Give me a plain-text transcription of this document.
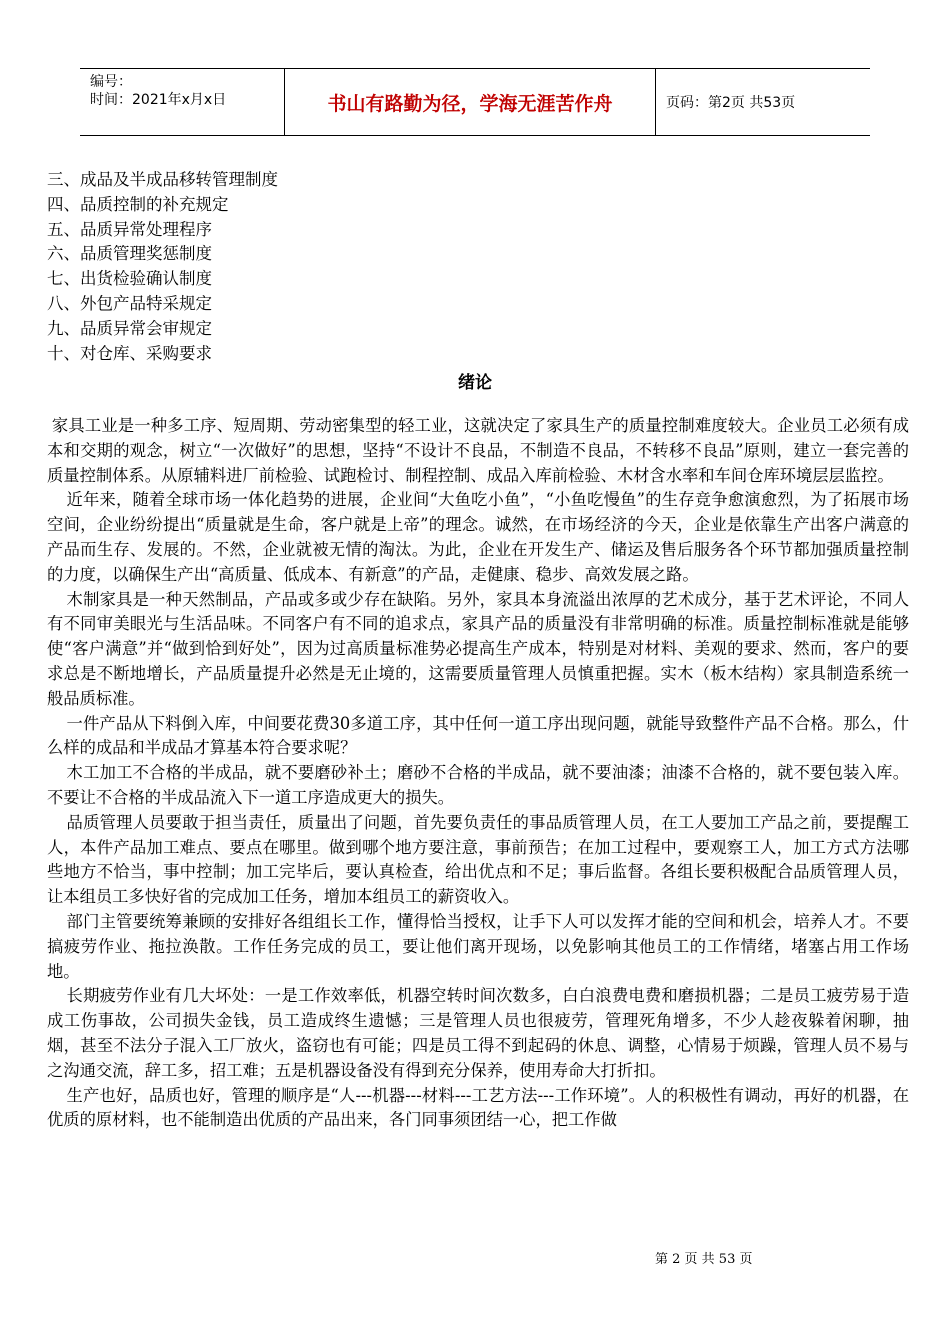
编号：
时间：2021年x月x日	书山有路勤为径，学海无涯苦作舟	页码：第2页 共53页
三、成品及半成品移转管理制度
四、品质控制的补充规定
五、品质异常处理程序
六、品质管理奖惩制度
七、出货检验确认制度
八、外包产品特采规定
九、品质异常会审规定
十、对仓库、采购要求
绪论

家具工业是一种多工序、短周期、劳动密集型的轻工业，这就决定了家具生产的质量控制难度较大。企业员工必须有成本和交期的观念，树立“一次做好”的思想，坚持“不设计不良品，不制造不良品，不转移不良品”原则，建立一套完善的质量控制体系。从原辅料进厂前检验、试跑检讨、制程控制、成品入库前检验、木材含水率和车间仓库环境层层监控。

近年来，随着全球市场一体化趋势的进展，企业间“大鱼吃小鱼”，“小鱼吃慢鱼”的生存竞争愈演愈烈，为了拓展市场空间，企业纷纷提出“质量就是生命，客户就是上帝”的理念。诚然，在市场经济的今天，企业是依靠生产出客户满意的产品而生存、发展的。不然，企业就被无情的淘汰。为此，企业在开发生产、储运及售后服务各个环节都加强质量控制的力度，以确保生产出“高质量、低成本、有新意”的产品，走健康、稳步、高效发展之路。

木制家具是一种天然制品，产品或多或少存在缺陷。另外，家具本身流溢出浓厚的艺术成分，基于艺术评论，不同人有不同审美眼光与生活品味。不同客户有不同的追求点，家具产品的质量没有非常明确的标准。质量控制标准就是能够使“客户满意”并“做到恰到好处”，因为过高质量标准势必提高生产成本，特别是对材料、美观的要求、然而，客户的要求总是不断地增长，产品质量提升必然是无止境的，这需要质量管理人员慎重把握。实木（板木结构）家具制造系统一般品质标准。

一件产品从下料倒入库，中间要花费30多道工序，其中任何一道工序出现问题，就能导致整件产品不合格。那么，什么样的成品和半成品才算基本符合要求呢？

木工加工不合格的半成品，就不要磨砂补土；磨砂不合格的半成品，就不要油漆；油漆不合格的，就不要包装入库。不要让不合格的半成品流入下一道工序造成更大的损失。

品质管理人员要敢于担当责任，质量出了问题，首先要负责任的事品质管理人员，在工人要加工产品之前，要提醒工人，本件产品加工难点、要点在哪里。做到哪个地方要注意，事前预告；在加工过程中，要观察工人，加工方式方法哪些地方不恰当，事中控制；加工完毕后，要认真检查，给出优点和不足；事后监督。各组长要积极配合品质管理人员，让本组员工多快好省的完成加工任务，增加本组员工的薪资收入。

部门主管要统筹兼顾的安排好各组组长工作，懂得恰当授权，让手下人可以发挥才能的空间和机会，培养人才。不要搞疲劳作业、拖拉涣散。工作任务完成的员工，要让他们离开现场，以免影响其他员工的工作情绪，堵塞占用工作场地。

长期疲劳作业有几大坏处：一是工作效率低，机器空转时间次数多，白白浪费电费和磨损机器；二是员工疲劳易于造成工伤事故，公司损失金钱，员工造成终生遗憾；三是管理人员也很疲劳，管理死角增多，不少人趁夜躲着闲聊，抽烟，甚至不法分子混入工厂放火，盗窃也有可能；四是员工得不到起码的休息、调整，心情易于烦躁，管理人员不易与之沟通交流，辞工多，招工难；五是机器设备没有得到充分保养，使用寿命大打折扣。

生产也好，品质也好，管理的顺序是“人---机器---材料---工艺方法---工作环境”。人的积极性有调动，再好的机器，在优质的原材料，也不能制造出优质的产品出来，各门同事须团结一心，把工作做

第 2 页 共 53 页
